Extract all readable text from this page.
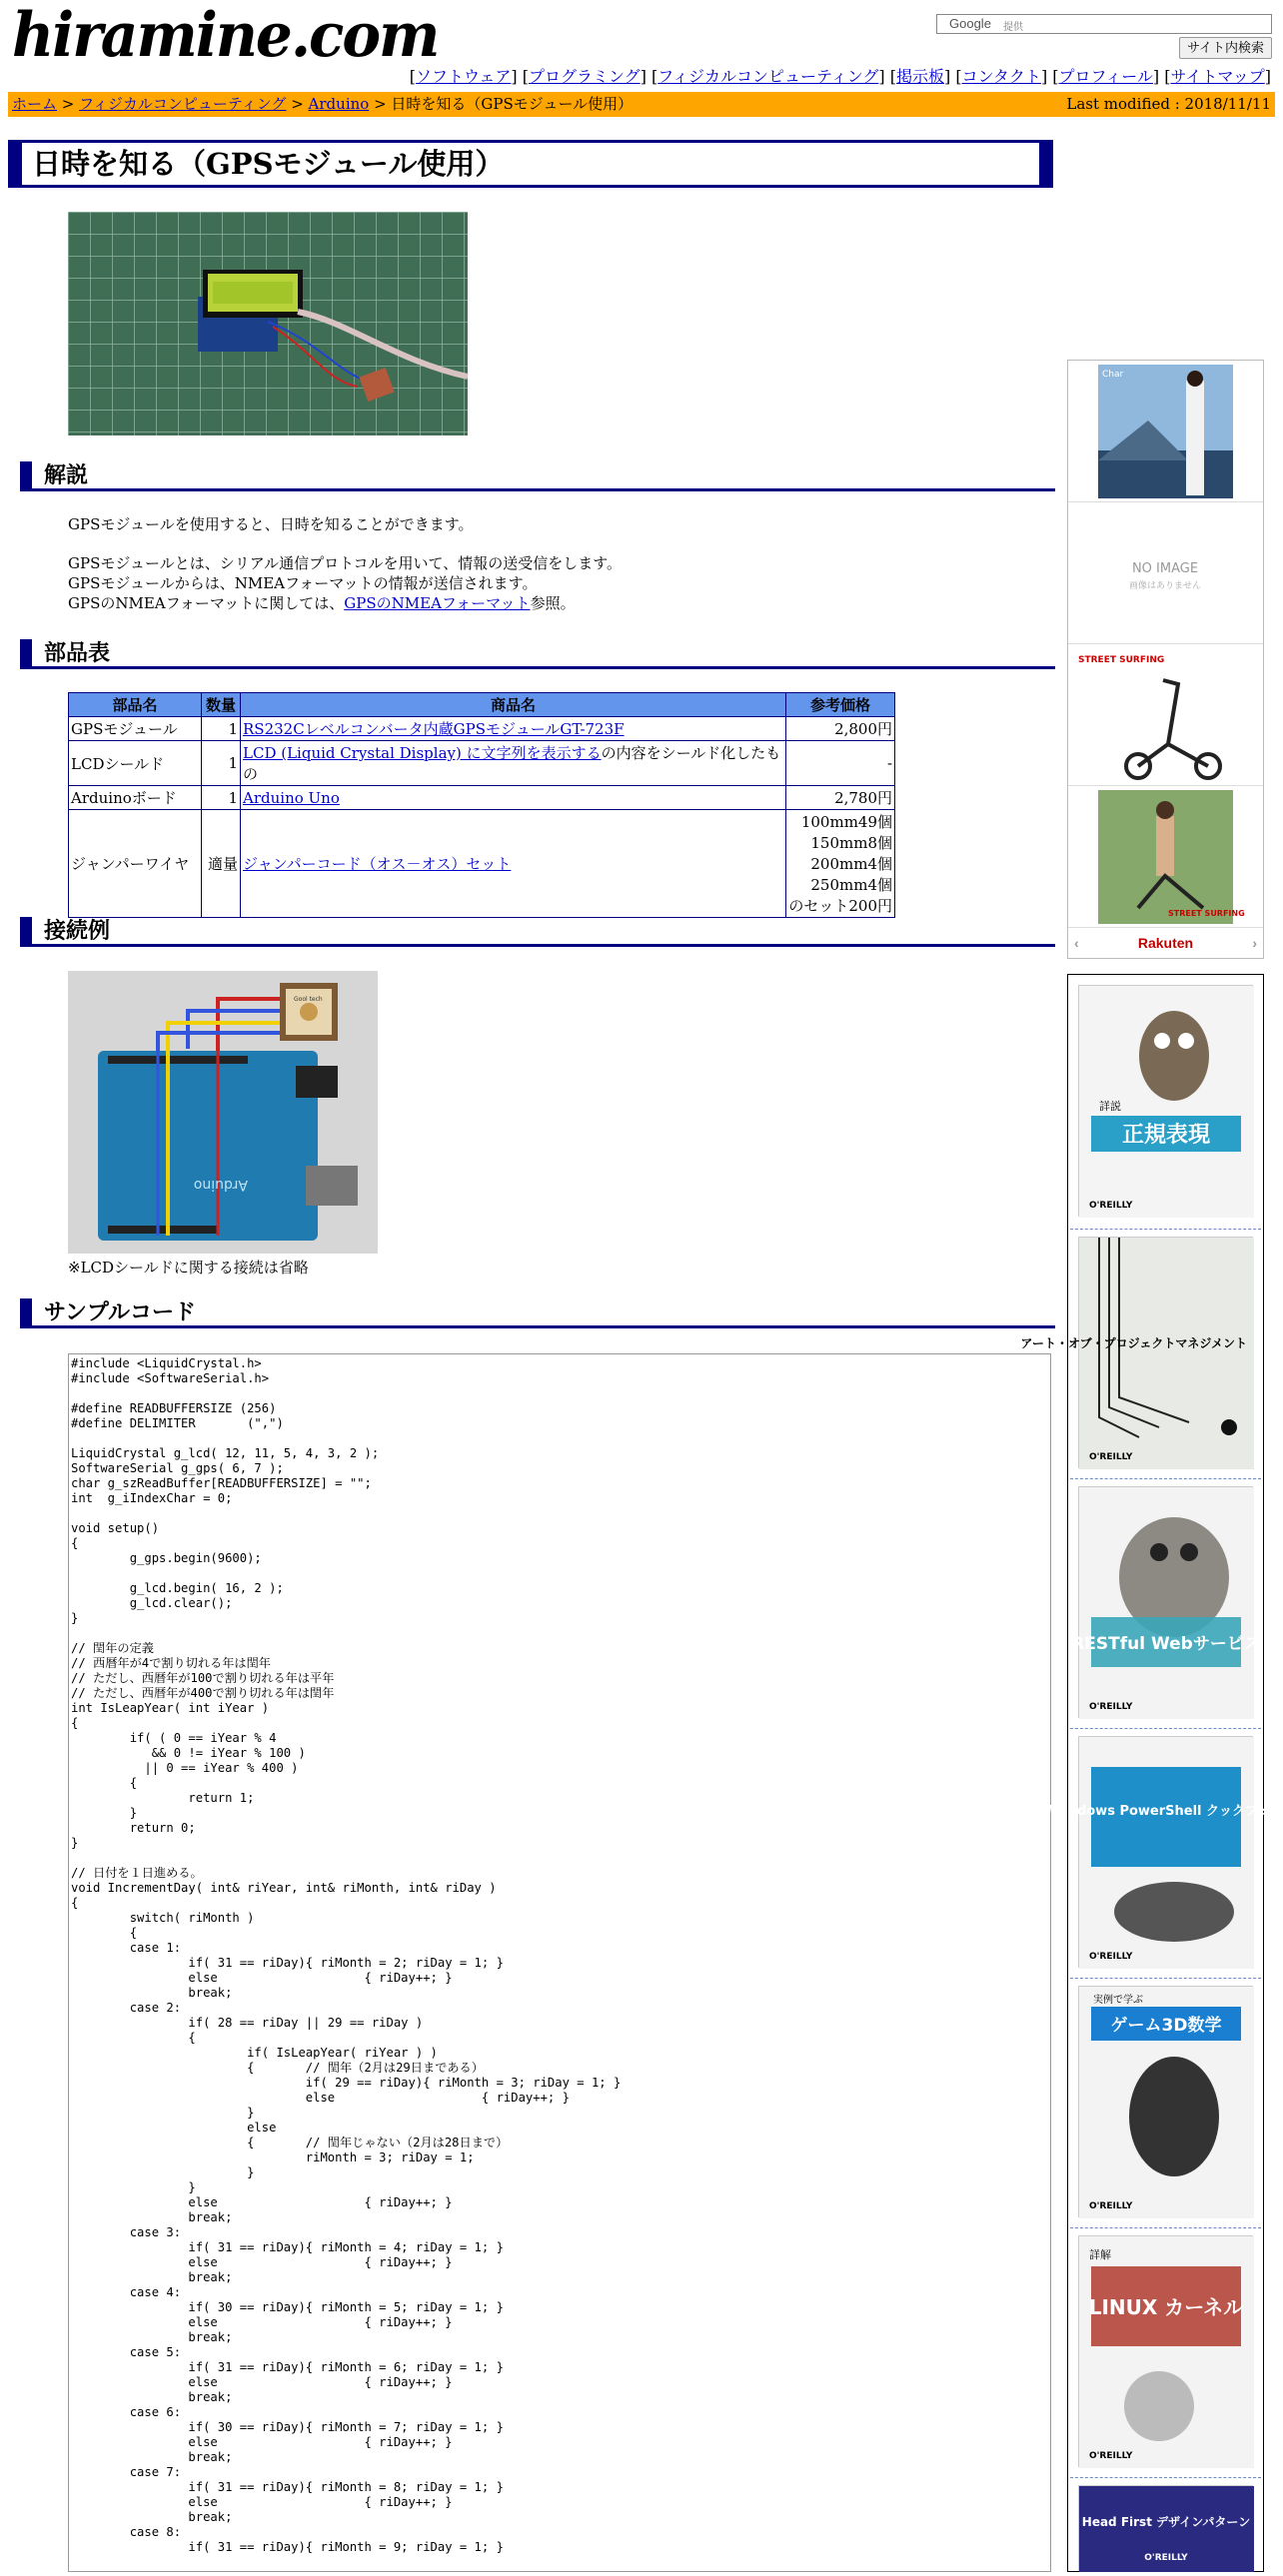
hiramine.com	Google 提供
サイト内検索
[ソフトウェア] [プログラミング] [フィジカルコンピューティング] [掲示板] [コンタクト] [プロフィール] [サイトマップ]
ホーム > フィジカルコンピューティング > Arduino > 日時を知る（GPSモジュール使用）	Last modified : 2018/11/11
日時を知る（GPSモジュール使用）
解説
GPSモジュールを使用すると、日時を知ることができます。
GPSモジュールとは、シリアル通信プロトコルを用いて、情報の送受信をします。
GPSモジュールからは、NMEAフォーマットの情報が送信されます。
GPSのNMEAフォーマットに関しては、GPSのNMEAフォーマット参照。
部品表
部品名	数量	商品名	参考価格
GPSモジュール	1	RS232Cレベルコンバータ内蔵GPSモジュールGT-723F	2,800円
LCDシールド	1	LCD (Liquid Crystal Display) に文字列を表示するの内容をシールド化したもの	-
Arduinoボード	1	Arduino Uno	2,780円
ジャンパーワイヤ	適量	ジャンパーコード（オス－オス）セット	100mm49個
150mm8個
200mm4個
250mm4個
のセット200円
接続例
Gool tech
Arduino
※LCDシールドに関する接続は省略
サンプルコード
#include <LiquidCrystal.h>
#include <SoftwareSerial.h>

#define READBUFFERSIZE (256)
#define DELIMITER       (",")

LiquidCrystal g_lcd( 12, 11, 5, 4, 3, 2 );
SoftwareSerial g_gps( 6, 7 );
char g_szReadBuffer[READBUFFERSIZE] = "";
int  g_iIndexChar = 0;

void setup()
{
g_gps.begin(9600);

g_lcd.begin( 16, 2 );
g_lcd.clear();
}

// 閏年の定義
// 西暦年が4で割り切れる年は閏年
// ただし、西暦年が100で割り切れる年は平年
// ただし、西暦年が400で割り切れる年は閏年
int IsLeapYear( int iYear )
{
if( ( 0 == iYear % 4
&& 0 != iYear % 100 )
|| 0 == iYear % 400 )
{
return 1;
}
return 0;
}

// 日付を１日進める。
void IncrementDay( int& riYear, int& riMonth, int& riDay )
{
switch( riMonth )
{
case 1:
if( 31 == riDay){ riMonth = 2; riDay = 1; }
else                    { riDay++; }
break;
case 2:
if( 28 == riDay || 29 == riDay )
{
if( IsLeapYear( riYear ) )
{       // 閏年（2月は29日まである）
if( 29 == riDay){ riMonth = 3; riDay = 1; }
else                    { riDay++; }
}
else
{       // 閏年じゃない（2月は28日まで）
riMonth = 3; riDay = 1;
}
}
else                    { riDay++; }
break;
case 3:
if( 31 == riDay){ riMonth = 4; riDay = 1; }
else                    { riDay++; }
break;
case 4:
if( 30 == riDay){ riMonth = 5; riDay = 1; }
else                    { riDay++; }
break;
case 5:
if( 31 == riDay){ riMonth = 6; riDay = 1; }
else                    { riDay++; }
break;
case 6:
if( 30 == riDay){ riMonth = 7; riDay = 1; }
else                    { riDay++; }
break;
case 7:
if( 31 == riDay){ riMonth = 8; riDay = 1; }
else                    { riDay++; }
break;
case 8:
if( 31 == riDay){ riMonth = 9; riDay = 1; }
Char
NO IMAGE
画像はありません
STREET SURFING
STREET SURFING
‹	Rakuten	›
詳説
正規表現
O'REILLY
アート・オブ・プロジェクトマネジメント
O'REILLY
RESTful Webサービス
O'REILLY
Windows PowerShell クックブック
O'REILLY
実例で学ぶ
ゲーム3D数学
O'REILLY
詳解
LINUX カーネル
O'REILLY
Head First デザインパターン
O'REILLY
